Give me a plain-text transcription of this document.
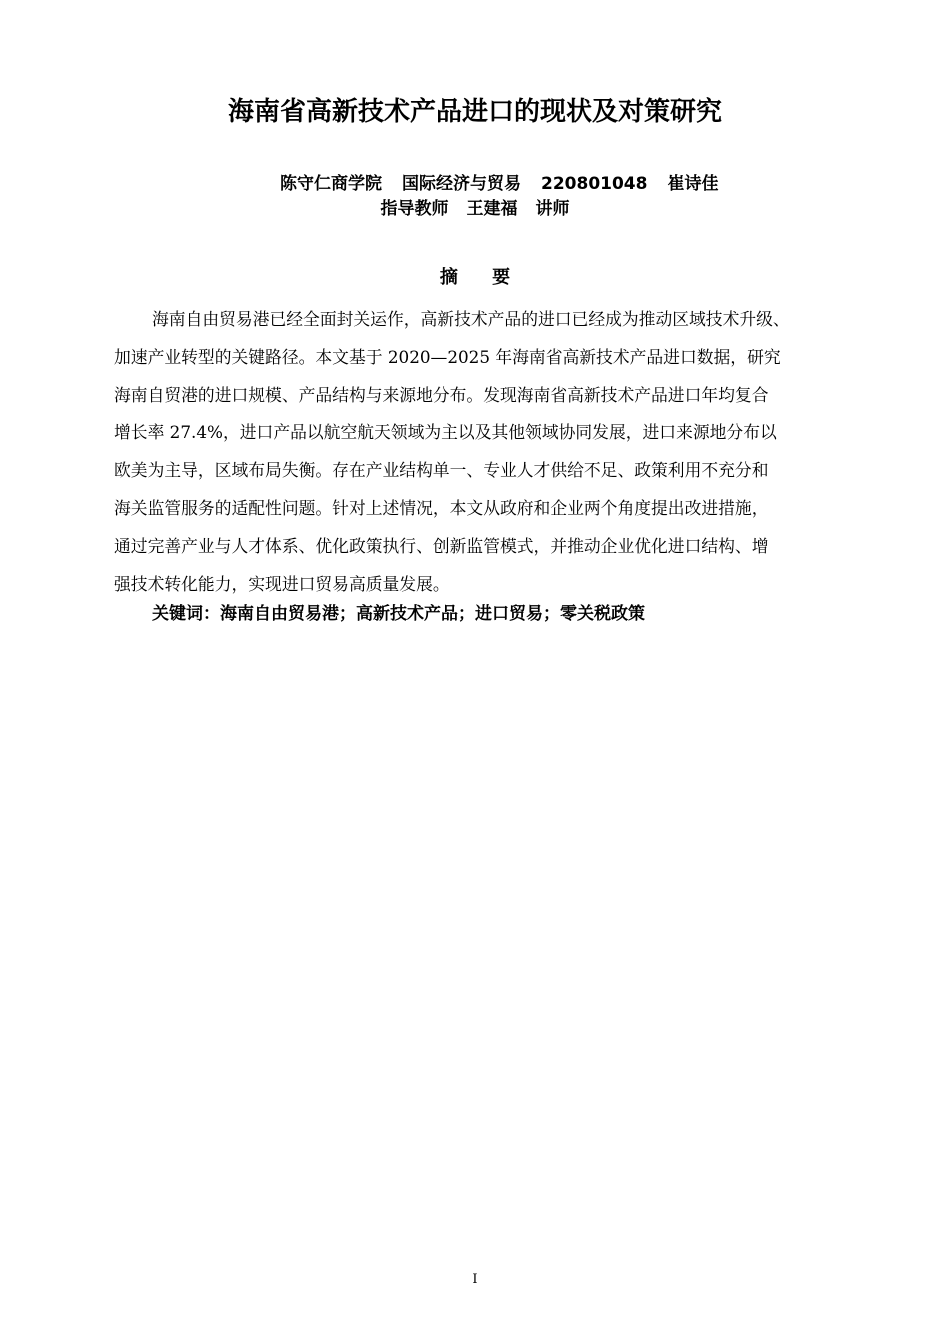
海南省高新技术产品进口的现状及对策研究
陈守仁商学院 国际经济与贸易 220801048 崔诗佳
指导教师 王建福 讲师
摘 要
海南自由贸易港已经全面封关运作，高新技术产品的进口已经成为推动区域技术升级、
加速产业转型的关键路径。本文基于 2020—2025 年海南省高新技术产品进口数据，研究
海南自贸港的进口规模、产品结构与来源地分布。发现海南省高新技术产品进口年均复合
增长率 27.4%，进口产品以航空航天领域为主以及其他领域协同发展，进口来源地分布以
欧美为主导，区域布局失衡。存在产业结构单一、专业人才供给不足、政策利用不充分和
海关监管服务的适配性问题。针对上述情况，本文从政府和企业两个角度提出改进措施，
通过完善产业与人才体系、优化政策执行、创新监管模式，并推动企业优化进口结构、增
强技术转化能力，实现进口贸易高质量发展。
关键词：海南自由贸易港；高新技术产品；进口贸易；零关税政策
I
